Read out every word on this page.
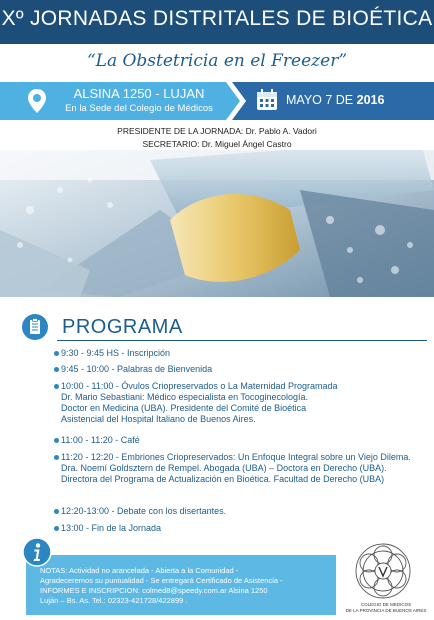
Xº JORNADAS DISTRITALES DE BIOÉTICA
“La Obstetricia en el Freezer”
ALSINA 1250 - LUJAN
En la Sede del Colegio de Médicos
MAYO 7 DE 2016
PRESIDENTE DE LA JORNADA: Dr. Pablo A. Vadori
SECRETARIO: Dr. Miguel Ángel Castro
PROGRAMA
9:30 - 9:45 HS - Inscripción
9:45 - 10:00 - Palabras de Bienvenida
10:00 - 11:00 - Óvulos Criopreservados o La Maternidad Programada
Dr. Mario Sebastiani: Médico especialista en Tocoginecología.
Doctor en Medicina (UBA). Presidente del Comité de Bioética
Asistencial del Hospital Italiano de Buenos Aires.
11:00 - 11:20 - Café
11:20 - 12:20 - Embriones Criopreservados: Un Enfoque Integral sobre un Viejo Dilema.
Dra. Noemí Goldsztern de Rempel. Abogada (UBA) – Doctora en Derecho (UBA).
Directora del Programa de Actualización en Bioética. Facultad de Derecho (UBA)
12:20-13:00 - Debate con los disertantes.
13:00 - Fin de la Jornada
NOTAS: Actividad no arancelada - Abierta a la Comunidad -
Agradeceremos su puntualidad - Se entregará Certificado de Asistencia -
INFORMES E INSCRIPCION: colmed8@speedy.com.ar Alsina 1250
Luján – Bs. As. Tel.: 02323-421728/422899 .	COLEGIO DE MEDICOS
DE LA PROVINCIA DE BUENOS AIRES
